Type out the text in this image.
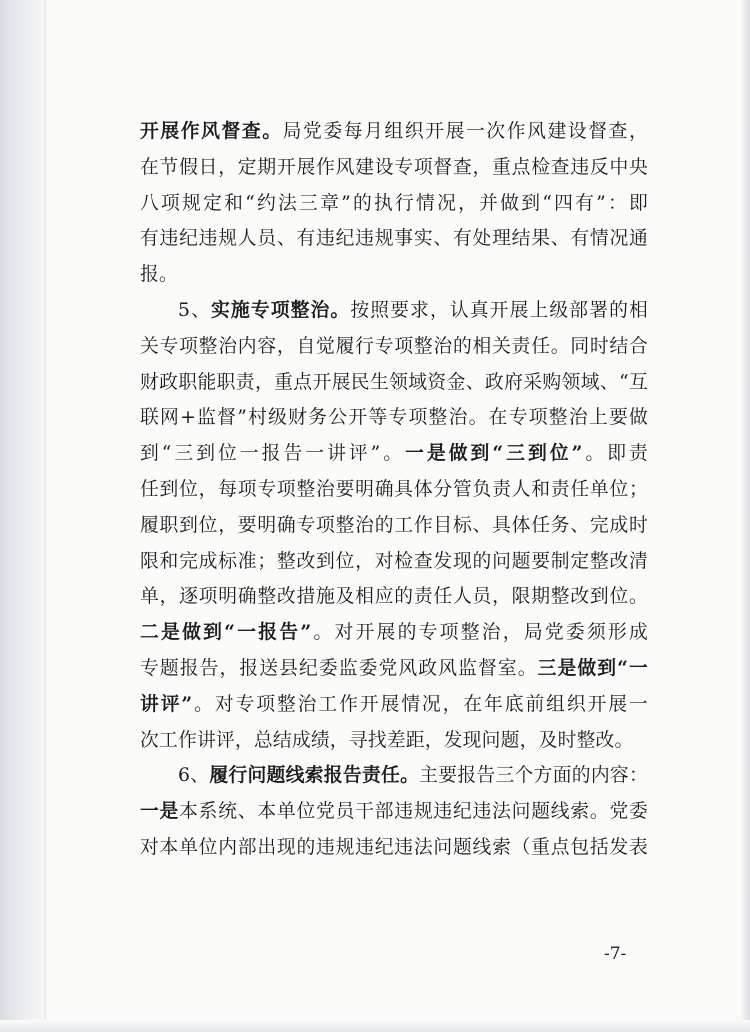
开展作风督查。局党委每月组织开展一次作风建设督查，
在节假日，定期开展作风建设专项督查，重点检查违反中央
八项规定和“约法三章”的执行情况，并做到“四有”：即
有违纪违规人员、有违纪违规事实、有处理结果、有情况通
报。
5、实施专项整治。按照要求，认真开展上级部署的相
关专项整治内容，自觉履行专项整治的相关责任。同时结合
财政职能职责，重点开展民生领域资金、政府采购领域、“互
联网+监督”村级财务公开等专项整治。在专项整治上要做
到“三到位一报告一讲评”。一是做到“三到位”。即责
任到位，每项专项整治要明确具体分管负责人和责任单位；
履职到位，要明确专项整治的工作目标、具体任务、完成时
限和完成标准；整改到位，对检查发现的问题要制定整改清
单，逐项明确整改措施及相应的责任人员，限期整改到位。
二是做到“一报告”。对开展的专项整治，局党委须形成
专题报告，报送县纪委监委党风政风监督室。三是做到“一
讲评”。对专项整治工作开展情况，在年底前组织开展一
次工作讲评，总结成绩，寻找差距，发现问题，及时整改。
6、履行问题线索报告责任。主要报告三个方面的内容：
一是本系统、本单位党员干部违规违纪违法问题线索。党委
对本单位内部出现的违规违纪违法问题线索（重点包括发表
-7-
